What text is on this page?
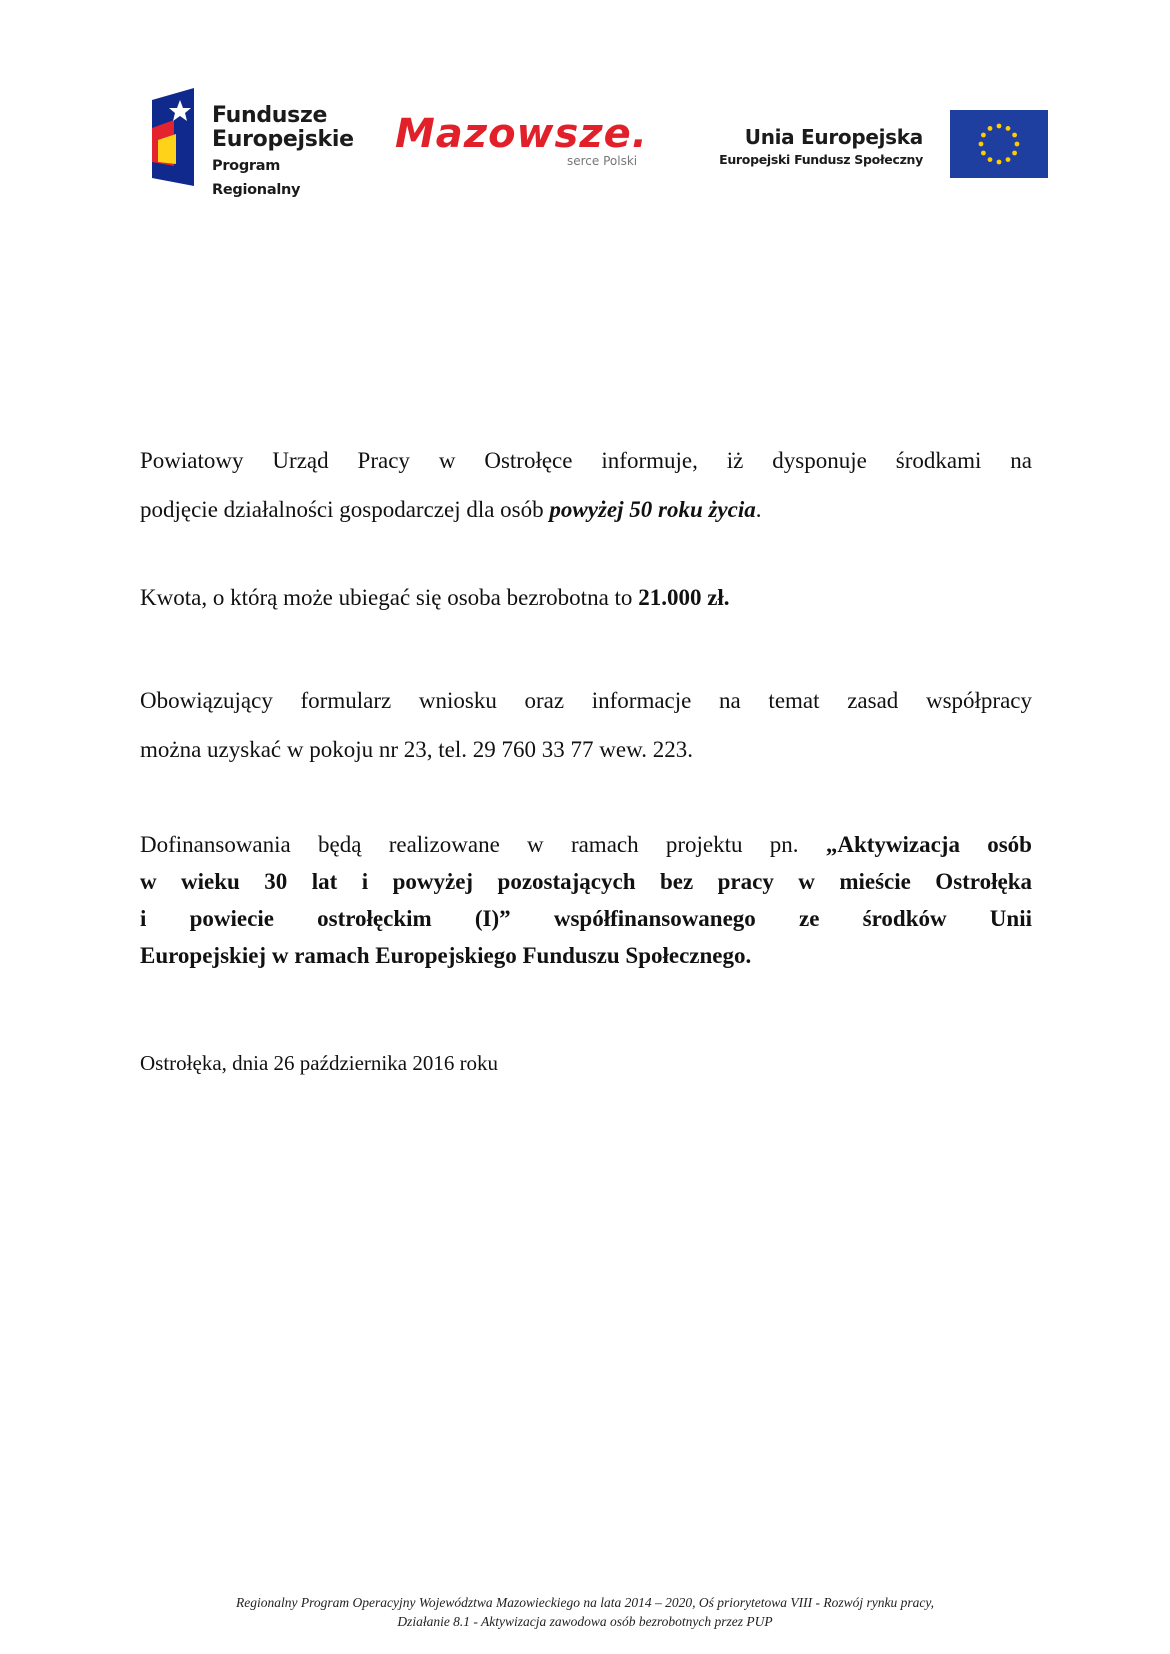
Fundusze
Europejskie
Program Regionalny
Mazowsze.
serce Polski
Unia Europejska
Europejski Fundusz Społeczny

Powiatowy Urząd Pracy w Ostrołęce informuje, iż dysponuje środkami na
podjęcie działalności gospodarczej dla osób powyżej 50 roku życia.

Kwota, o którą może ubiegać się osoba bezrobotna to 21.000 zł.

Obowiązujący formularz wniosku oraz informacje na temat zasad współpracy
można uzyskać w pokoju nr 23, tel. 29 760 33 77 wew. 223.

Dofinansowania będą realizowane w ramach projektu pn. „Aktywizacja osób
w wieku 30 lat i powyżej pozostających bez pracy w mieście Ostrołęka
i powiecie ostrołęckim (I)” współfinansowanego ze środków Unii
Europejskiej w ramach Europejskiego Funduszu Społecznego.

Ostrołęka, dnia 26 października 2016 roku

Regionalny Program Operacyjny Województwa Mazowieckiego na lata 2014 – 2020, Oś priorytetowa VIII - Rozwój rynku pracy,
Działanie 8.1 - Aktywizacja zawodowa osób bezrobotnych przez PUP
